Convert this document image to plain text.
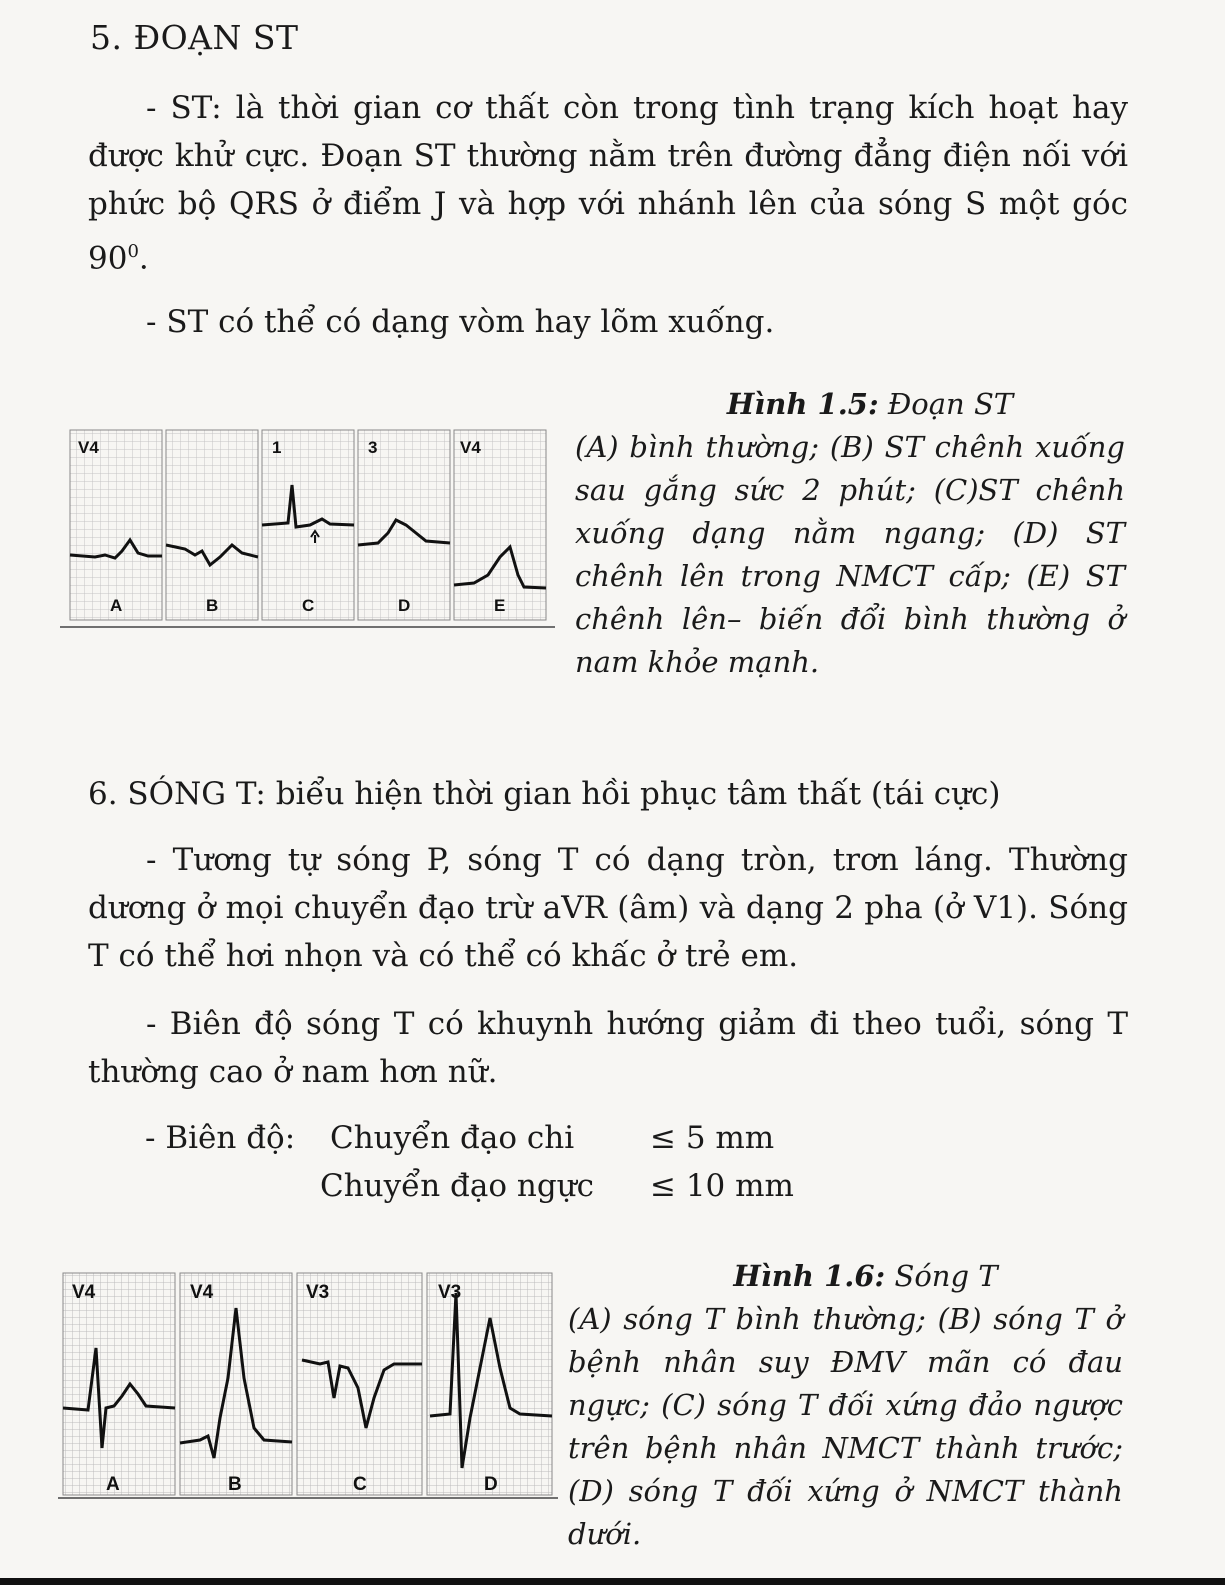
5. ĐOẠN ST
- ST: là thời gian cơ thất còn trong tình trạng kích hoạt hay được khử cực. Đoạn ST thường nằm trên đường đẳng điện nối với phức bộ QRS ở điểm J và hợp với nhánh lên của sóng S một góc $90^0$.
- ST có thể có dạng vòm hay lõm xuống.
V4	1	3	V4
A	B	C	D	E
Hình 1.5: Đoạn ST
(A) bình thường; (B) ST chênh xuống sau gắng sức 2 phút; (C)ST chênh xuống dạng nằm ngang; (D) ST chênh lên trong NMCT cấp; (E) ST chênh lên– biến đổi bình thường ở nam khỏe mạnh.
6. SÓNG T: biểu hiện thời gian hồi phục tâm thất (tái cực)
- Tương tự sóng P, sóng T có dạng tròn, trơn láng. Thường dương ở mọi chuyển đạo trừ aVR (âm) và dạng 2 pha (ở V1). Sóng T có thể hơi nhọn và có thể có khấc ở trẻ em.
- Biên độ sóng T có khuynh hướng giảm đi theo tuổi, sóng T thường cao ở nam hơn nữ.
- Biên độ: Chuyển đạo chi ≤ 5 mm
Chuyển đạo ngực ≤ 10 mm
V4	V4	V3	V3
A	B	C	D
Hình 1.6: Sóng T
(A) sóng T bình thường; (B) sóng T ở bệnh nhân suy ĐMV mãn có đau ngực; (C) sóng T đối xứng đảo ngược trên bệnh nhân NMCT thành trước; (D) sóng T đối xứng ở NMCT thành dưới.
